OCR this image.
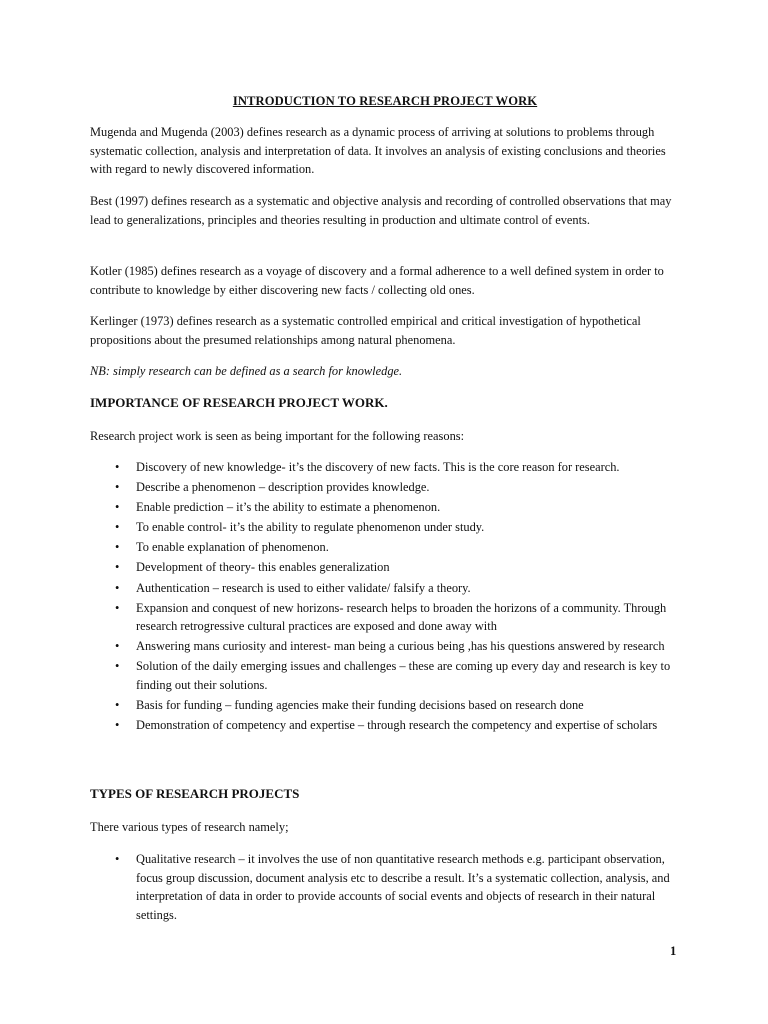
INTRODUCTION TO RESEARCH PROJECT WORK

Mugenda and Mugenda (2003) defines research as a dynamic process of arriving at solutions to problems through systematic collection, analysis and interpretation of data. It involves an analysis of existing conclusions and theories with regard to newly discovered information.

Best (1997) defines research as a systematic and objective analysis and recording of controlled observations that may lead to generalizations, principles and theories resulting in production and ultimate control of events.

Kotler (1985) defines research as a voyage of discovery and a formal adherence to a well defined system in order to contribute to knowledge by either discovering new facts / collecting old ones.

Kerlinger (1973) defines research as a systematic controlled empirical and critical investigation of hypothetical propositions about the presumed relationships among natural phenomena.

NB: simply research can be defined as a search for knowledge.

IMPORTANCE OF RESEARCH PROJECT WORK.

Research project work is seen as being important for the following reasons:

• Discovery of new knowledge- it’s the discovery of new facts. This is the core reason for research.
• Describe a phenomenon – description provides knowledge.
• Enable prediction – it’s the ability to estimate a phenomenon.
• To enable control- it’s the ability to regulate phenomenon under study.
• To enable explanation of phenomenon.
• Development of theory- this enables generalization
• Authentication – research is used to either validate/ falsify a theory.
• Expansion and conquest of new horizons- research helps to broaden the horizons of a community. Through research retrogressive cultural practices are exposed and done away with
• Answering mans curiosity and interest- man being a curious being ,has his questions answered by research
• Solution of the daily emerging issues and challenges – these are coming up every day and research is key to finding out their solutions.
• Basis for funding – funding agencies make their funding decisions based on research done
• Demonstration of competency and expertise – through research the competency and expertise of scholars

TYPES OF RESEARCH PROJECTS

There various types of research namely;

• Qualitative research – it involves the use of non quantitative research methods e.g. participant observation, focus group discussion, document analysis etc to describe a result. It’s a systematic collection, analysis, and interpretation of data in order to provide accounts of social events and objects of research in their natural settings.
1
